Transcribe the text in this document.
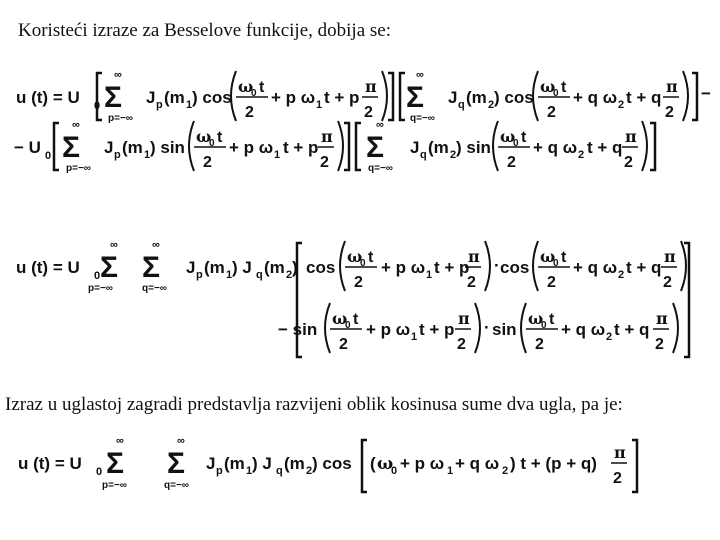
Koristeći izraze za Besselove funkcije, dobija se:
u (t) = U 0
∞
Σ
p=−∞
J p (m 1 ) cos
ω
0 t
2
+ p ω 1 t + p
π
2
∞
Σ
q=−∞
J q (m 2 ) cos
ω
0 t
2
+ q ω 2 t + q
π
2
−
− U 0
∞
Σ
p=−∞
J p (m 1 ) sin
ω
0 t
2
+ p ω 1 t + p
π
2
∞
Σ
q=−∞
J q (m 2 ) sin
ω
0 t
2
+ q ω 2 t + q
π
2
u (t) = U 0
∞
Σ
p=−∞
∞
Σ
q=−∞
J p (m 1 ) J q (m 2 ) cos
ω
0 t
2
+ p ω 1 t + p
π
2
· cos
ω
0 t
2
+ q ω 2 t + q
π
2
− sin
ω
0 t
2
+ p ω 1 t + p
π
2
· sin
ω
0 t
2
+ q ω 2 t + q
π
2
u (t) = U 0
∞
Σ
p=−∞
∞
Σ
q=−∞
J p (m 1 ) J q (m 2 ) cos ( ω
0 + p ω 1 + q ω 2 ) t + (p + q)
π
2
Izraz u uglastoj zagradi predstavlja razvijeni oblik kosinusa sume dva ugla, pa je:
